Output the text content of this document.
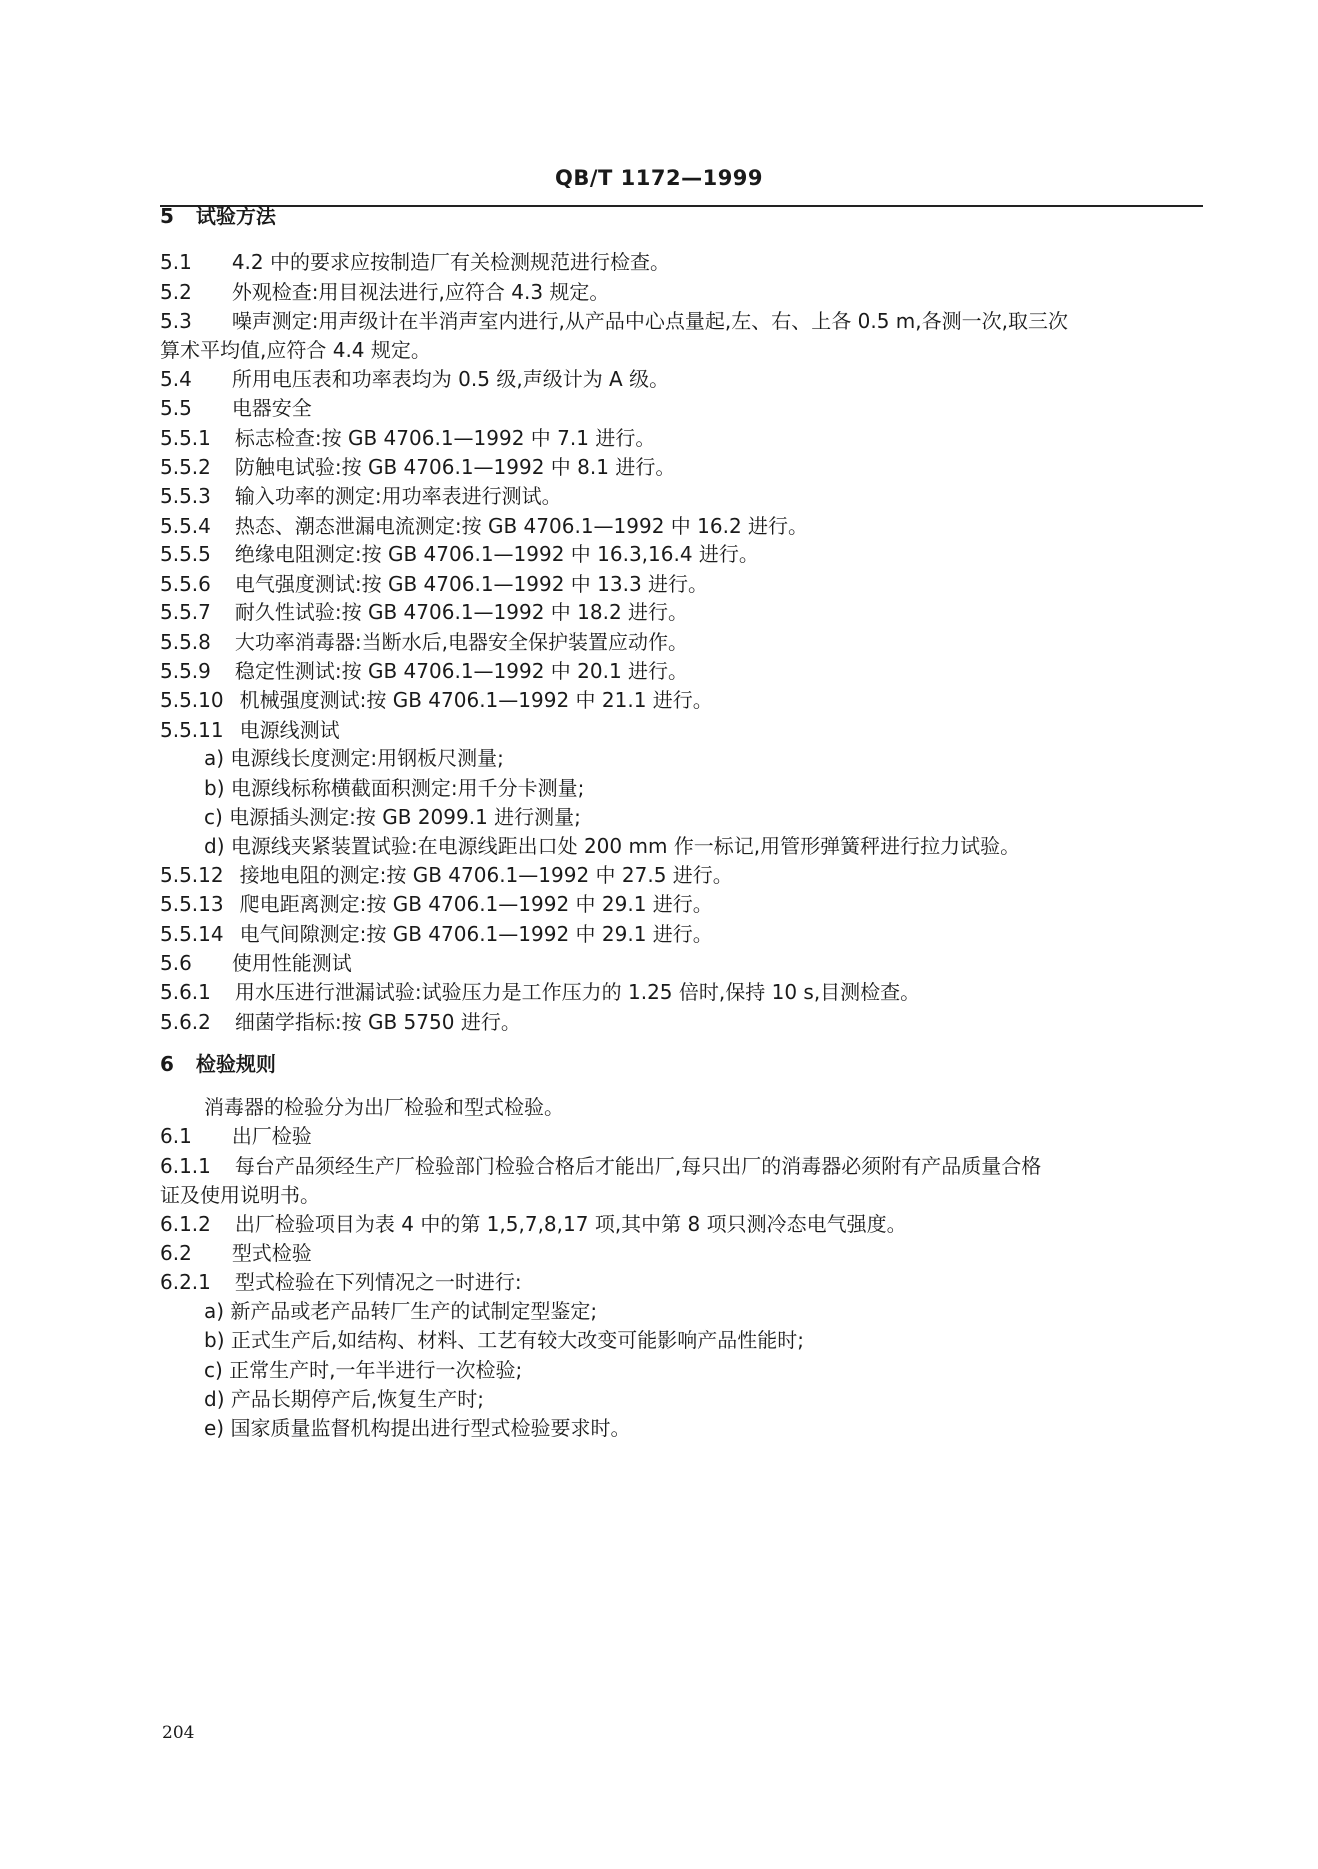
QB/T 1172—1999
5 试验方法
5.1 4.2 中的要求应按制造厂有关检测规范进行检查。
5.2 外观检查:用目视法进行,应符合 4.3 规定。
5.3 噪声测定:用声级计在半消声室内进行,从产品中心点量起,左、右、上各 0.5 m,各测一次,取三次
算术平均值,应符合 4.4 规定。
5.4 所用电压表和功率表均为 0.5 级,声级计为 A 级。
5.5 电器安全
5.5.1 标志检查:按 GB 4706.1—1992 中 7.1 进行。
5.5.2 防触电试验:按 GB 4706.1—1992 中 8.1 进行。
5.5.3 输入功率的测定:用功率表进行测试。
5.5.4 热态、潮态泄漏电流测定:按 GB 4706.1—1992 中 16.2 进行。
5.5.5 绝缘电阻测定:按 GB 4706.1—1992 中 16.3,16.4 进行。
5.5.6 电气强度测试:按 GB 4706.1—1992 中 13.3 进行。
5.5.7 耐久性试验:按 GB 4706.1—1992 中 18.2 进行。
5.5.8 大功率消毒器:当断水后,电器安全保护装置应动作。
5.5.9 稳定性测试:按 GB 4706.1—1992 中 20.1 进行。
5.5.10 机械强度测试:按 GB 4706.1—1992 中 21.1 进行。
5.5.11 电源线测试
a) 电源线长度测定:用钢板尺测量;
b) 电源线标称横截面积测定:用千分卡测量;
c) 电源插头测定:按 GB 2099.1 进行测量;
d) 电源线夹紧装置试验:在电源线距出口处 200 mm 作一标记,用管形弹簧秤进行拉力试验。
5.5.12 接地电阻的测定:按 GB 4706.1—1992 中 27.5 进行。
5.5.13 爬电距离测定:按 GB 4706.1—1992 中 29.1 进行。
5.5.14 电气间隙测定:按 GB 4706.1—1992 中 29.1 进行。
5.6 使用性能测试
5.6.1 用水压进行泄漏试验:试验压力是工作压力的 1.25 倍时,保持 10 s,目测检查。
5.6.2 细菌学指标:按 GB 5750 进行。
6 检验规则
消毒器的检验分为出厂检验和型式检验。
6.1 出厂检验
6.1.1 每台产品须经生产厂检验部门检验合格后才能出厂,每只出厂的消毒器必须附有产品质量合格
证及使用说明书。
6.1.2 出厂检验项目为表 4 中的第 1,5,7,8,17 项,其中第 8 项只测冷态电气强度。
6.2 型式检验
6.2.1 型式检验在下列情况之一时进行:
a) 新产品或老产品转厂生产的试制定型鉴定;
b) 正式生产后,如结构、材料、工艺有较大改变可能影响产品性能时;
c) 正常生产时,一年半进行一次检验;
d) 产品长期停产后,恢复生产时;
e) 国家质量监督机构提出进行型式检验要求时。
204
